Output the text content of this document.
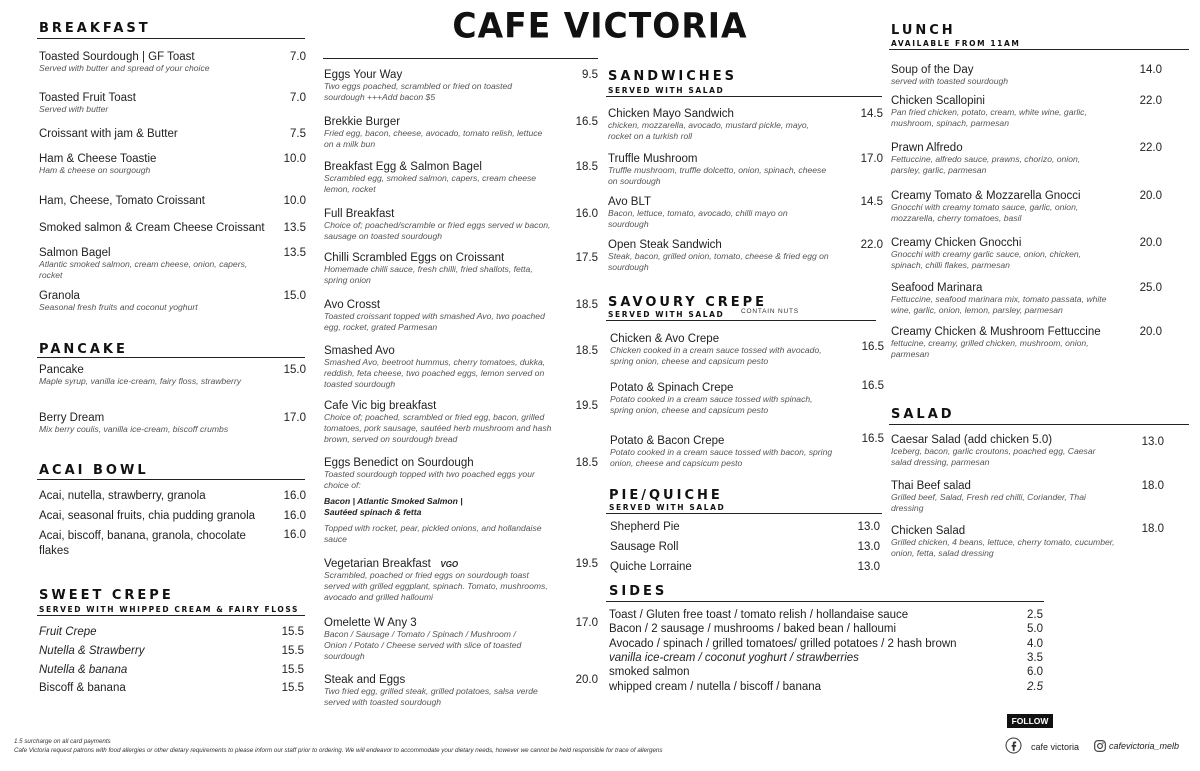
CAFE VICTORIA
BREAKFAST
Toasted Sourdough | GF Toast
Served with butter and spread of your choice
7.0
Toasted Fruit Toast
Served with butter
7.0
Croissant with jam & Butter	7.5
Ham & Cheese Toastie
Ham & cheese on sourgough
10.0
Ham, Cheese, Tomato Croissant	10.0
Smoked salmon & Cream Cheese Croissant	13.5
Salmon Bagel
Atlantic smoked salmon, cream cheese, onion, capers, rocket
13.5
Granola
Seasonal fresh fruits and coconut yoghurt
15.0
PANCAKE
Pancake
Maple syrup, vanilla ice-cream, fairy floss, strawberry
15.0
Berry Dream
Mix berry coulis, vanilla ice-cream, biscoff crumbs
17.0
ACAI BOWL
Acai, nutella, strawberry, granola	16.0
Acai, seasonal fruits, chia pudding granola	16.0
Acai, biscoff, banana, granola, chocolate flakes
16.0
SWEET CREPE
SERVED WITH WHIPPED CREAM & FAIRY FLOSS
Fruit Crepe	15.5
Nutella & Strawberry	15.5
Nutella & banana	15.5
Biscoff & banana	15.5
Eggs Your Way
Two eggs poached, scrambled or fried on toasted sourdough +++Add bacon $5
9.5
Brekkie Burger
Fried egg, bacon, cheese, avocado, tomato relish, lettuce on a milk bun
16.5
Breakfast Egg & Salmon Bagel
Scrambled egg, smoked salmon, capers, cream cheese lemon, rocket
18.5
Full Breakfast
Choice of; poached/scramble or fried eggs served w bacon, sausage on toasted sourdough
16.0
Chilli Scrambled Eggs on Croissant
Homemade chilli sauce, fresh chilli, fried shallots, fetta, spring onion
17.5
Avo Crosst
Toasted croissant topped with smashed Avo, two poached egg, rocket, grated Parmesan
18.5
Smashed Avo
Smashed Avo, beetroot hummus, cherry tomatoes, dukka, reddish, feta cheese, two poached eggs, lemon served on toasted sourdough
18.5
Cafe Vic big breakfast
Choice of; poached, scrambled or fried egg, bacon, grilled tomatoes, pork sausage, sautéed herb mushroom and hash brown, served on sourdough bread
19.5
Eggs Benedict on Sourdough
Toasted sourdough topped with two poached eggs your choice of:
Bacon | Atlantic Smoked Salmon | Sautéed spinach & fetta
Topped with rocket, pear, pickled onions, and hollandaise sauce
18.5
Vegetarian Breakfast VGO
Scrambled, poached or fried eggs on sourdough toast served with grilled eggplant, spinach. Tomato, mushrooms, avocado and grilled halloumi
19.5
Omelette W Any 3
Bacon / Sausage / Tomato / Spinach / Mushroom / Onion / Potato / Cheese served with slice of toasted sourdough
17.0
Steak and Eggs
Two fried egg, grilled steak, grilled potatoes, salsa verde served with toasted sourdough
20.0
SANDWICHES
SERVED WITH SALAD
Chicken Mayo Sandwich
chicken, mozzarella, avocado, mustard pickle, mayo, rocket on a turkish roll
14.5
Truffle Mushroom
Truffle mushroom, truffle dolcetto, onion, spinach, cheese on sourdough
17.0
Avo BLT
Bacon, lettuce, tomato, avocado, chilli mayo on sourdough
14.5
Open Steak Sandwich
Steak, bacon, grilled onion, tomato, cheese & fried egg on sourdough
22.0
SAVOURY CREPE
SERVED WITH SALAD	CONTAIN NUTS
Chicken & Avo Crepe
Chicken cooked in a cream sauce tossed with avocado, spring onion, cheese and capsicum pesto
16.5
Potato & Spinach Crepe
Potato cooked in a cream sauce tossed with spinach, spring onion, cheese and capsicum pesto
16.5
Potato & Bacon Crepe
Potato cooked in a cream sauce tossed with bacon, spring onion, cheese and capsicum pesto
16.5
PIE/QUICHE
SERVED WITH SALAD
Shepherd Pie	13.0
Sausage Roll	13.0
Quiche Lorraine	13.0
SIDES
Toast / Gluten free toast / tomato relish / hollandaise sauce	2.5
Bacon / 2 sausage / mushrooms / baked bean / halloumi	5.0
Avocado / spinach / grilled tomatoes/ grilled potatoes / 2 hash brown	4.0
vanilla ice-cream / coconut yoghurt / strawberries	3.5
smoked salmon	6.0
whipped cream / nutella / biscoff / banana	2.5
LUNCH
AVAILABLE FROM 11AM
Soup of the Day
served with toasted sourdough
14.0
Chicken Scallopini
Pan fried chicken, potato, cream, white wine, garlic, mushroom, spinach, parmesan
22.0
Prawn Alfredo
Fettuccine, alfredo sauce, prawns, chorizo, onion, parsley, garlic, parmesan
22.0
Creamy Tomato & Mozzarella Gnocci
Gnocchi with creamy tomato sauce, garlic, onion, mozzarella, cherry tomatoes, basil
20.0
Creamy Chicken Gnocchi
Gnocchi with creamy garlic sauce, onion, chicken, spinach, chilli flakes, parmesan
20.0
Seafood Marinara
Fettuccine, seafood marinara mix, tomato passata, white wine, garlic, onion, lemon, parsley, parmesan
25.0
Creamy Chicken & Mushroom Fettuccine
fettucine, creamy, grilled chicken, mushroom, onion, parmesan
20.0
SALAD
Caesar Salad (add chicken 5.0)
Iceberg, bacon, garlic croutons, poached egg, Caesar salad dressing, parmesan
13.0
Thai Beef salad
Grilled beef, Salad, Fresh red chilli, Coriander, Thai dressing
18.0
Chicken Salad
Grilled chicken, 4 beans, lettuce, cherry tomato, cucumber, onion, fetta, salad dressing
18.0
1.5 surcharge on all card payments
Cafe Victoria request patrons with food allergies or other dietary requirements to please inform our staff prior to ordering. We will endeavor to accommodate your dietary needs, however we cannot be held responsible for trace of allergens
FOLLOW
cafe victoria	cafevictoria_melb
